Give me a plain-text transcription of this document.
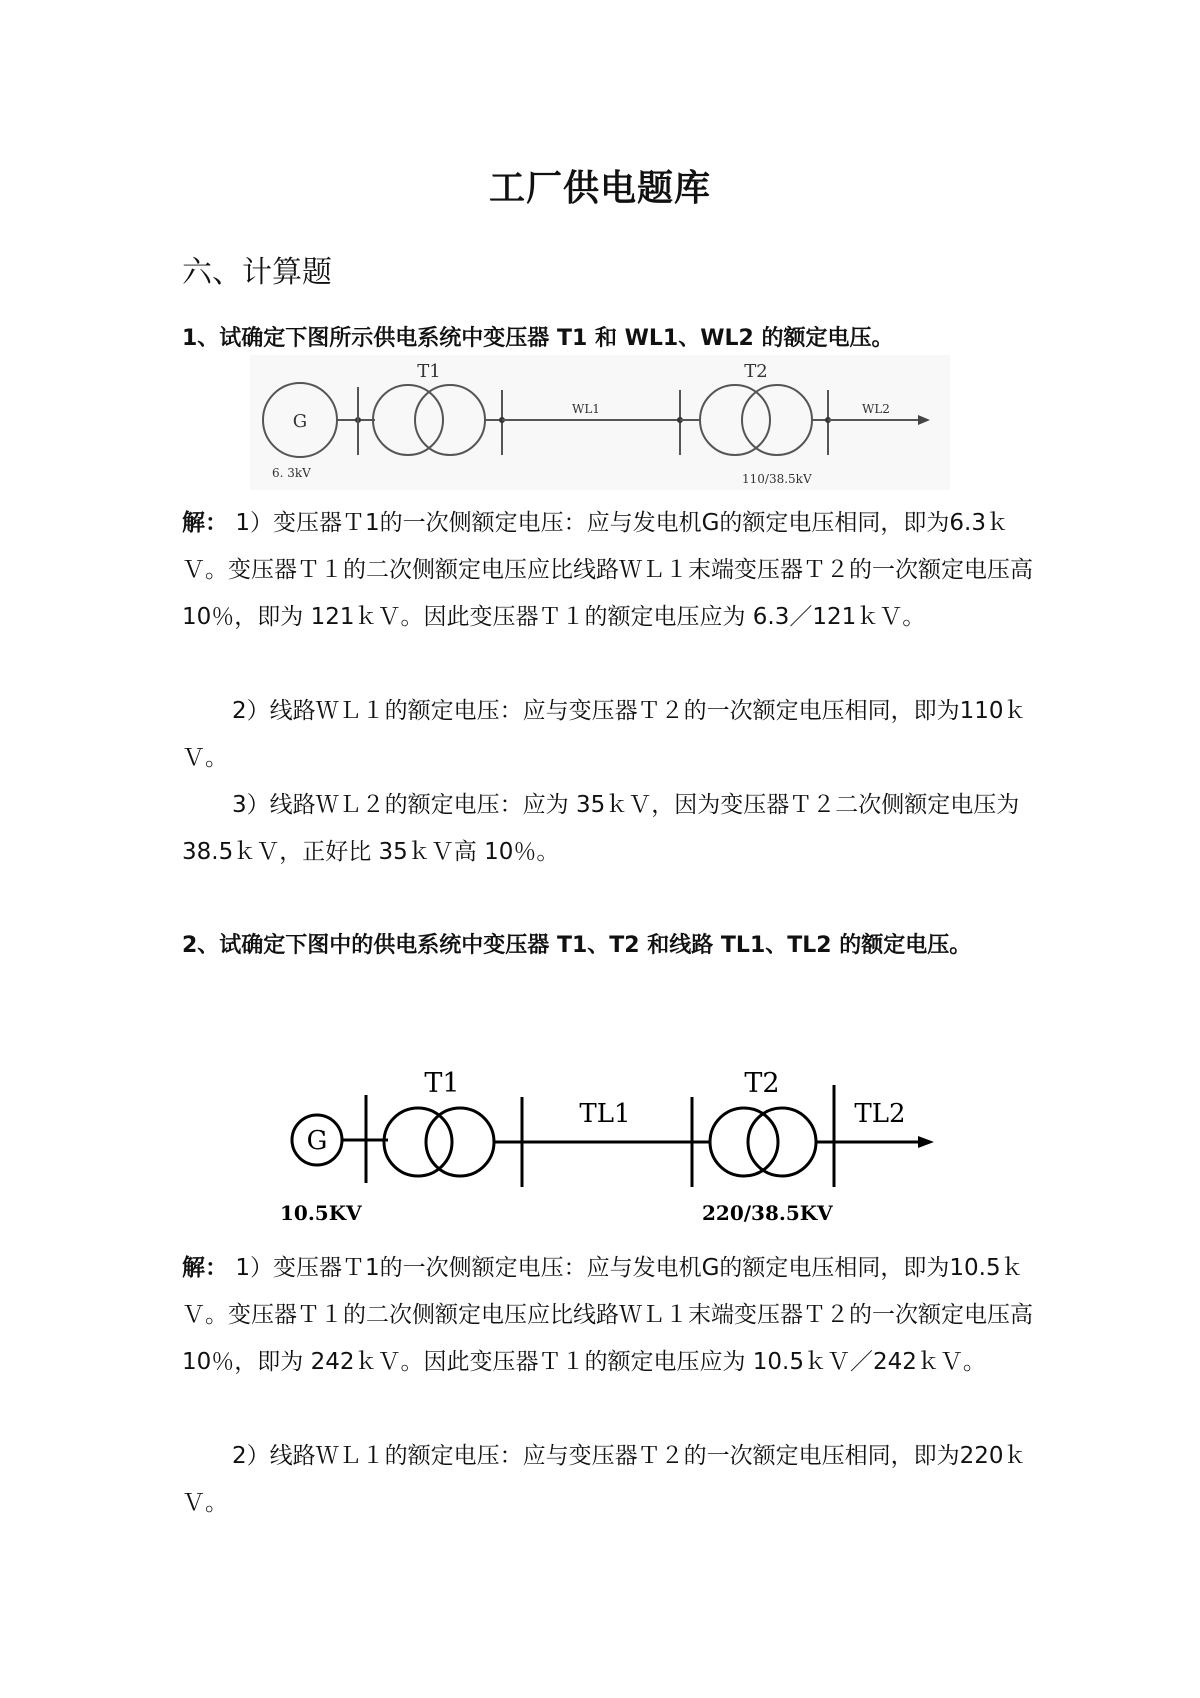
工厂供电题库
六、计算题
1、试确定下图所示供电系统中变压器 T1 和 WL1、WL2 的额定电压。
G
T1
WL1
T2
WL2
6. 3kV	110/38.5kV
解： 1）变压器Ｔ1的一次侧额定电压：应与发电机G的额定电压相同，即为6.3ｋＶ。变压器Ｔ１的二次侧额定电压应比线路ＷＬ１末端变压器Ｔ２的一次额定电压高 10％，即为 121ｋＶ。因此变压器Ｔ１的额定电压应为 6.3／121ｋＶ。
2）线路ＷＬ１的额定电压：应与变压器Ｔ２的一次额定电压相同，即为110ｋＶ。
3）线路ＷＬ２的额定电压：应为 35ｋＶ，因为变压器Ｔ２二次侧额定电压为 38.5ｋＶ，正好比 35ｋＶ高 10％。
2、试确定下图中的供电系统中变压器 T1、T2 和线路 TL1、TL2 的额定电压。
G
T1
TL1
T2
TL2
10.5KV	220/38.5KV
解： 1）变压器Ｔ1的一次侧额定电压：应与发电机G的额定电压相同，即为10.5ｋＶ。变压器Ｔ１的二次侧额定电压应比线路ＷＬ１末端变压器Ｔ２的一次额定电压高 10％，即为 242ｋＶ。因此变压器Ｔ１的额定电压应为 10.5ｋＶ／242ｋＶ。
2）线路ＷＬ１的额定电压：应与变压器Ｔ２的一次额定电压相同，即为220ｋＶ。
